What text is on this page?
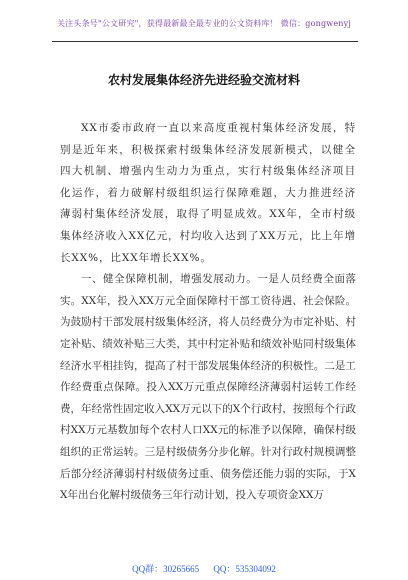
关注头条号"公文研究"，获得最新最全最专业的公文资料库！ 微信：gongwenyj
农村发展集体经济先进经验交流材料

XX市委市政府一直以来高度重视村集体经济发展，特别是近年来，积极探索村级集体经济发展新模式，以健全四大机制、增强内生动力为重点，实行村级集体经济项目化运作，着力破解村级组织运行保障难题，大力推进经济薄弱村集体经济发展，取得了明显成效。XX年，全市村级集体经济收入XX亿元，村均收入达到了XX万元，比上年增长XX%，比XX年增长XX%。

一、健全保障机制，增强发展动力。一是人员经费全面落实。XX年，投入XX万元全面保障村干部工资待遇、社会保险。为鼓励村干部发展村级集体经济，将人员经费分为市定补贴、村定补贴、绩效补贴三大类，其中村定补贴和绩效补贴同村级集体经济水平相挂钩，提高了村干部发展集体经济的积极性。二是工作经费重点保障。投入XX万元重点保障经济薄弱村运转工作经费，年经常性固定收入XX万元以下的X个行政村，按照每个行政村XX万元基数加每个农村人口XX元的标准予以保障，确保村级组织的正常运转。三是村级债务分步化解。针对行政村规模调整后部分经济薄弱村村级债务过重、债务偿还能力弱的实际，于XX年出台化解村级债务三年行动计划，投入专项资金XX万

QQ群：30265665 QQ：535304092
